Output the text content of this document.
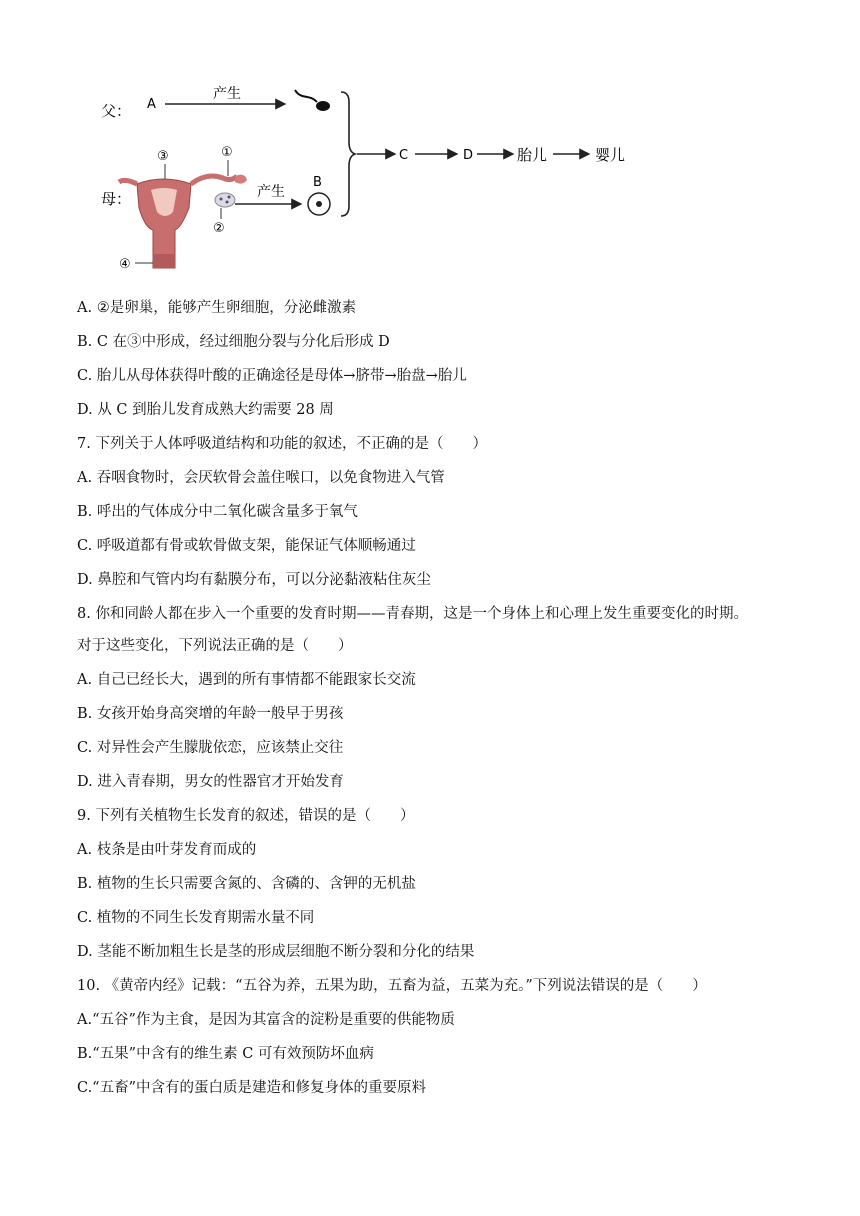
父： A
产生
母：
③	①
②
④
产生
B
C	D	胎儿	婴儿
A. ②是卵巢，能够产生卵细胞，分泌雌激素
B. C 在③中形成，经过细胞分裂与分化后形成 D
C. 胎儿从母体获得叶酸的正确途径是母体→脐带→胎盘→胎儿
D. 从 C 到胎儿发育成熟大约需要 28 周
7. 下列关于人体呼吸道结构和功能的叙述，不正确的是（　　）
A. 吞咽食物时，会厌软骨会盖住喉口，以免食物进入气管
B. 呼出的气体成分中二氧化碳含量多于氧气
C. 呼吸道都有骨或软骨做支架，能保证气体顺畅通过
D. 鼻腔和气管内均有黏膜分布，可以分泌黏液粘住灰尘
8. 你和同龄人都在步入一个重要的发育时期——青春期，这是一个身体上和心理上发生重要变化的时期。
对于这些变化，下列说法正确的是（　　）
A. 自己已经长大，遇到的所有事情都不能跟家长交流
B. 女孩开始身高突增的年龄一般早于男孩
C. 对异性会产生朦胧依恋，应该禁止交往
D. 进入青春期，男女的性器官才开始发育
9. 下列有关植物生长发育的叙述，错误的是（　　）
A. 枝条是由叶芽发育而成的
B. 植物的生长只需要含氮的、含磷的、含钾的无机盐
C. 植物的不同生长发育期需水量不同
D. 茎能不断加粗生长是茎的形成层细胞不断分裂和分化的结果
10. 《黄帝内经》记载：“五谷为养，五果为助，五畜为益，五菜为充。”下列说法错误的是（　　）
A.“五谷”作为主食，是因为其富含的淀粉是重要的供能物质
B.“五果”中含有的维生素 C 可有效预防坏血病
C.“五畜”中含有的蛋白质是建造和修复身体的重要原料
